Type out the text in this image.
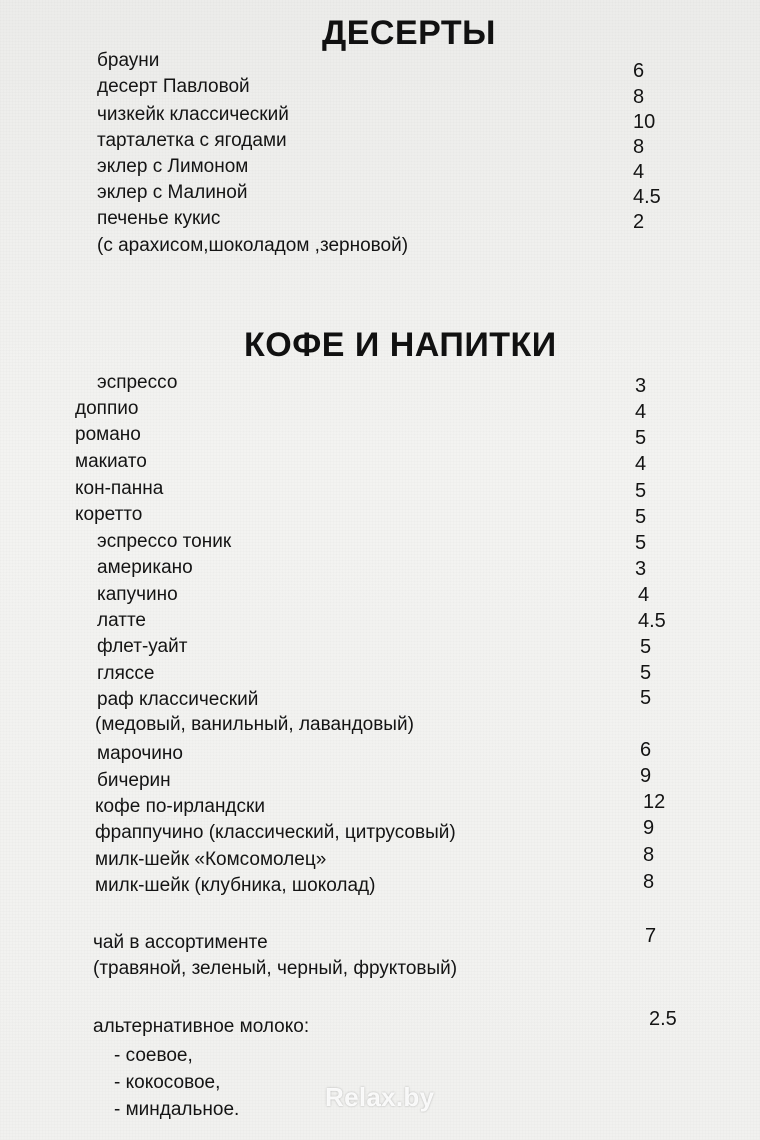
ДЕСЕРТЫ
брауни	6
десерт Павловой	8
чизкейк классический	10
тарталетка с ягодами	8
эклер с Лимоном	4
эклер с Малиной	4.5
печенье кукис	2
(с арахисом,шоколадом ,зерновой)
КОФЕ И НАПИТКИ
эспрессо	3
доппио	4
романо	5
макиато	4
кон-панна	5
коретто	5
эспрессо тоник	5
американо	3
капучино	4
латте	4.5
флет-уайт	5
гляссе	5
раф классический	5
(медовый, ванильный, лавандовый)
марочино	6
бичерин	9
кофе по-ирландски	12
фраппучино (классический, цитрусовый)	9
милк-шейк «Комсомолец»	8
милк-шейк (клубника, шоколад)	8
чай в ассортименте	7
(травяной, зеленый, черный, фруктовый)
альтернативное молоко:	2.5
- соевое,
- кокосовое,
- миндальное.	Relax.by
